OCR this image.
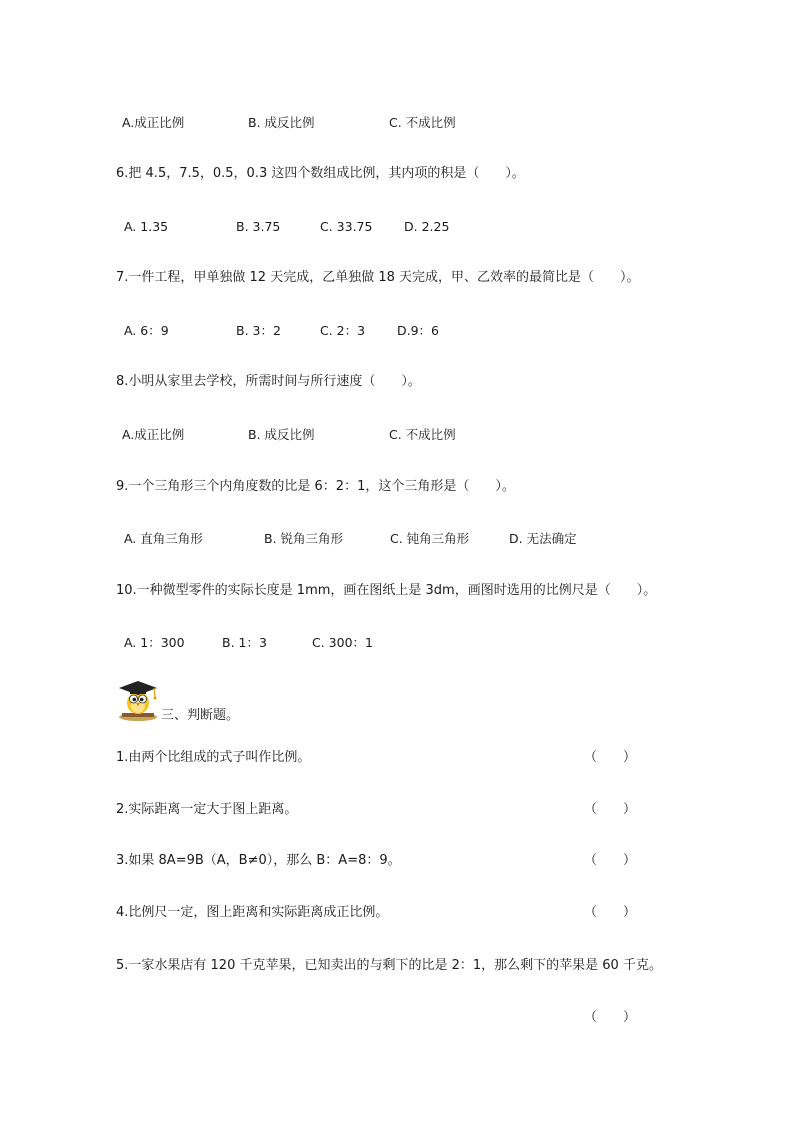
A.成正比例	B. 成反比例	C. 不成比例
6.把 4.5，7.5，0.5，0.3 这四个数组成比例，其内项的积是（　　）。
A. 1.35	B. 3.75	C. 33.75	D. 2.25
7.一件工程，甲单独做 12 天完成，乙单独做 18 天完成，甲、乙效率的最简比是（　　）。
A. 6：9	B. 3：2	C. 2：3	D.9：6
8.小明从家里去学校，所需时间与所行速度（　　）。
A.成正比例	B. 成反比例	C. 不成比例
9.一个三角形三个内角度数的比是 6：2：1，这个三角形是（　　）。
A. 直角三角形	B. 锐角三角形	C. 钝角三角形	D. 无法确定
10.一种微型零件的实际长度是 1mm，画在图纸上是 3dm，画图时选用的比例尺是（　　）。
A. 1：300	B. 1：3	C. 300：1
三、判断题。
1.由两个比组成的式子叫作比例。	（　　）
2.实际距离一定大于图上距离。	（　　）
3.如果 8A=9B（A，B≠0），那么 B：A=8：9。	（　　）
4.比例尺一定，图上距离和实际距离成正比例。	（　　）
5.一家水果店有 120 千克苹果，已知卖出的与剩下的比是 2：1，那么剩下的苹果是 60 千克。
（　　）
